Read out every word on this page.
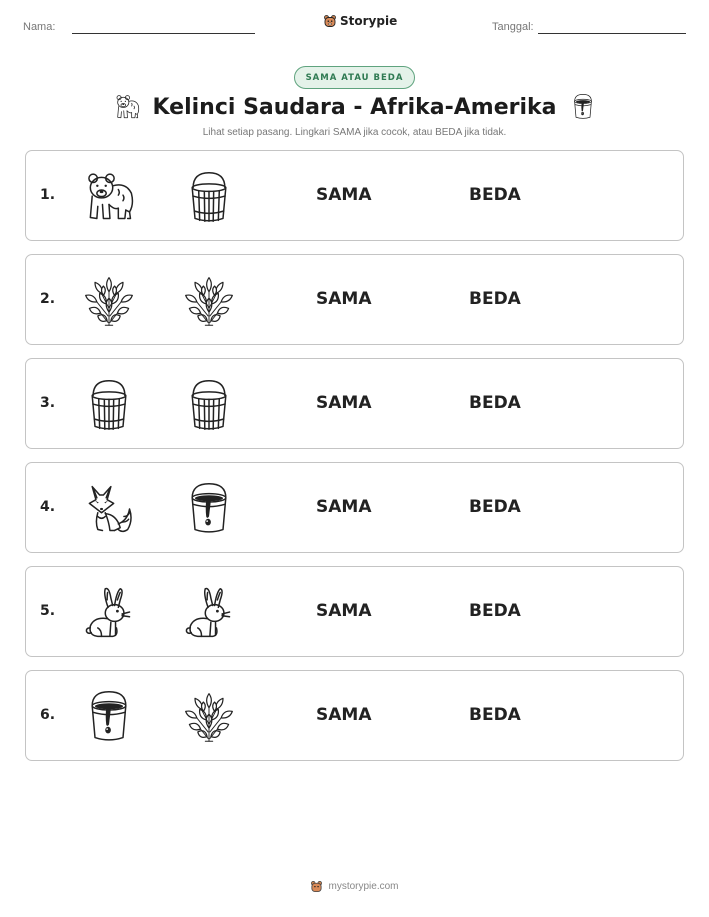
Nama:	Storypie	Tanggal:
SAMA ATAU BEDA
Kelinci Saudara - Afrika-Amerika
Lihat setiap pasang. Lingkari SAMA jika cocok, atau BEDA jika tidak.
1.	SAMA	BEDA
2.	SAMA	BEDA
3.	SAMA	BEDA
4.	SAMA	BEDA
5.	SAMA	BEDA
6.	SAMA	BEDA
mystorypie.com
